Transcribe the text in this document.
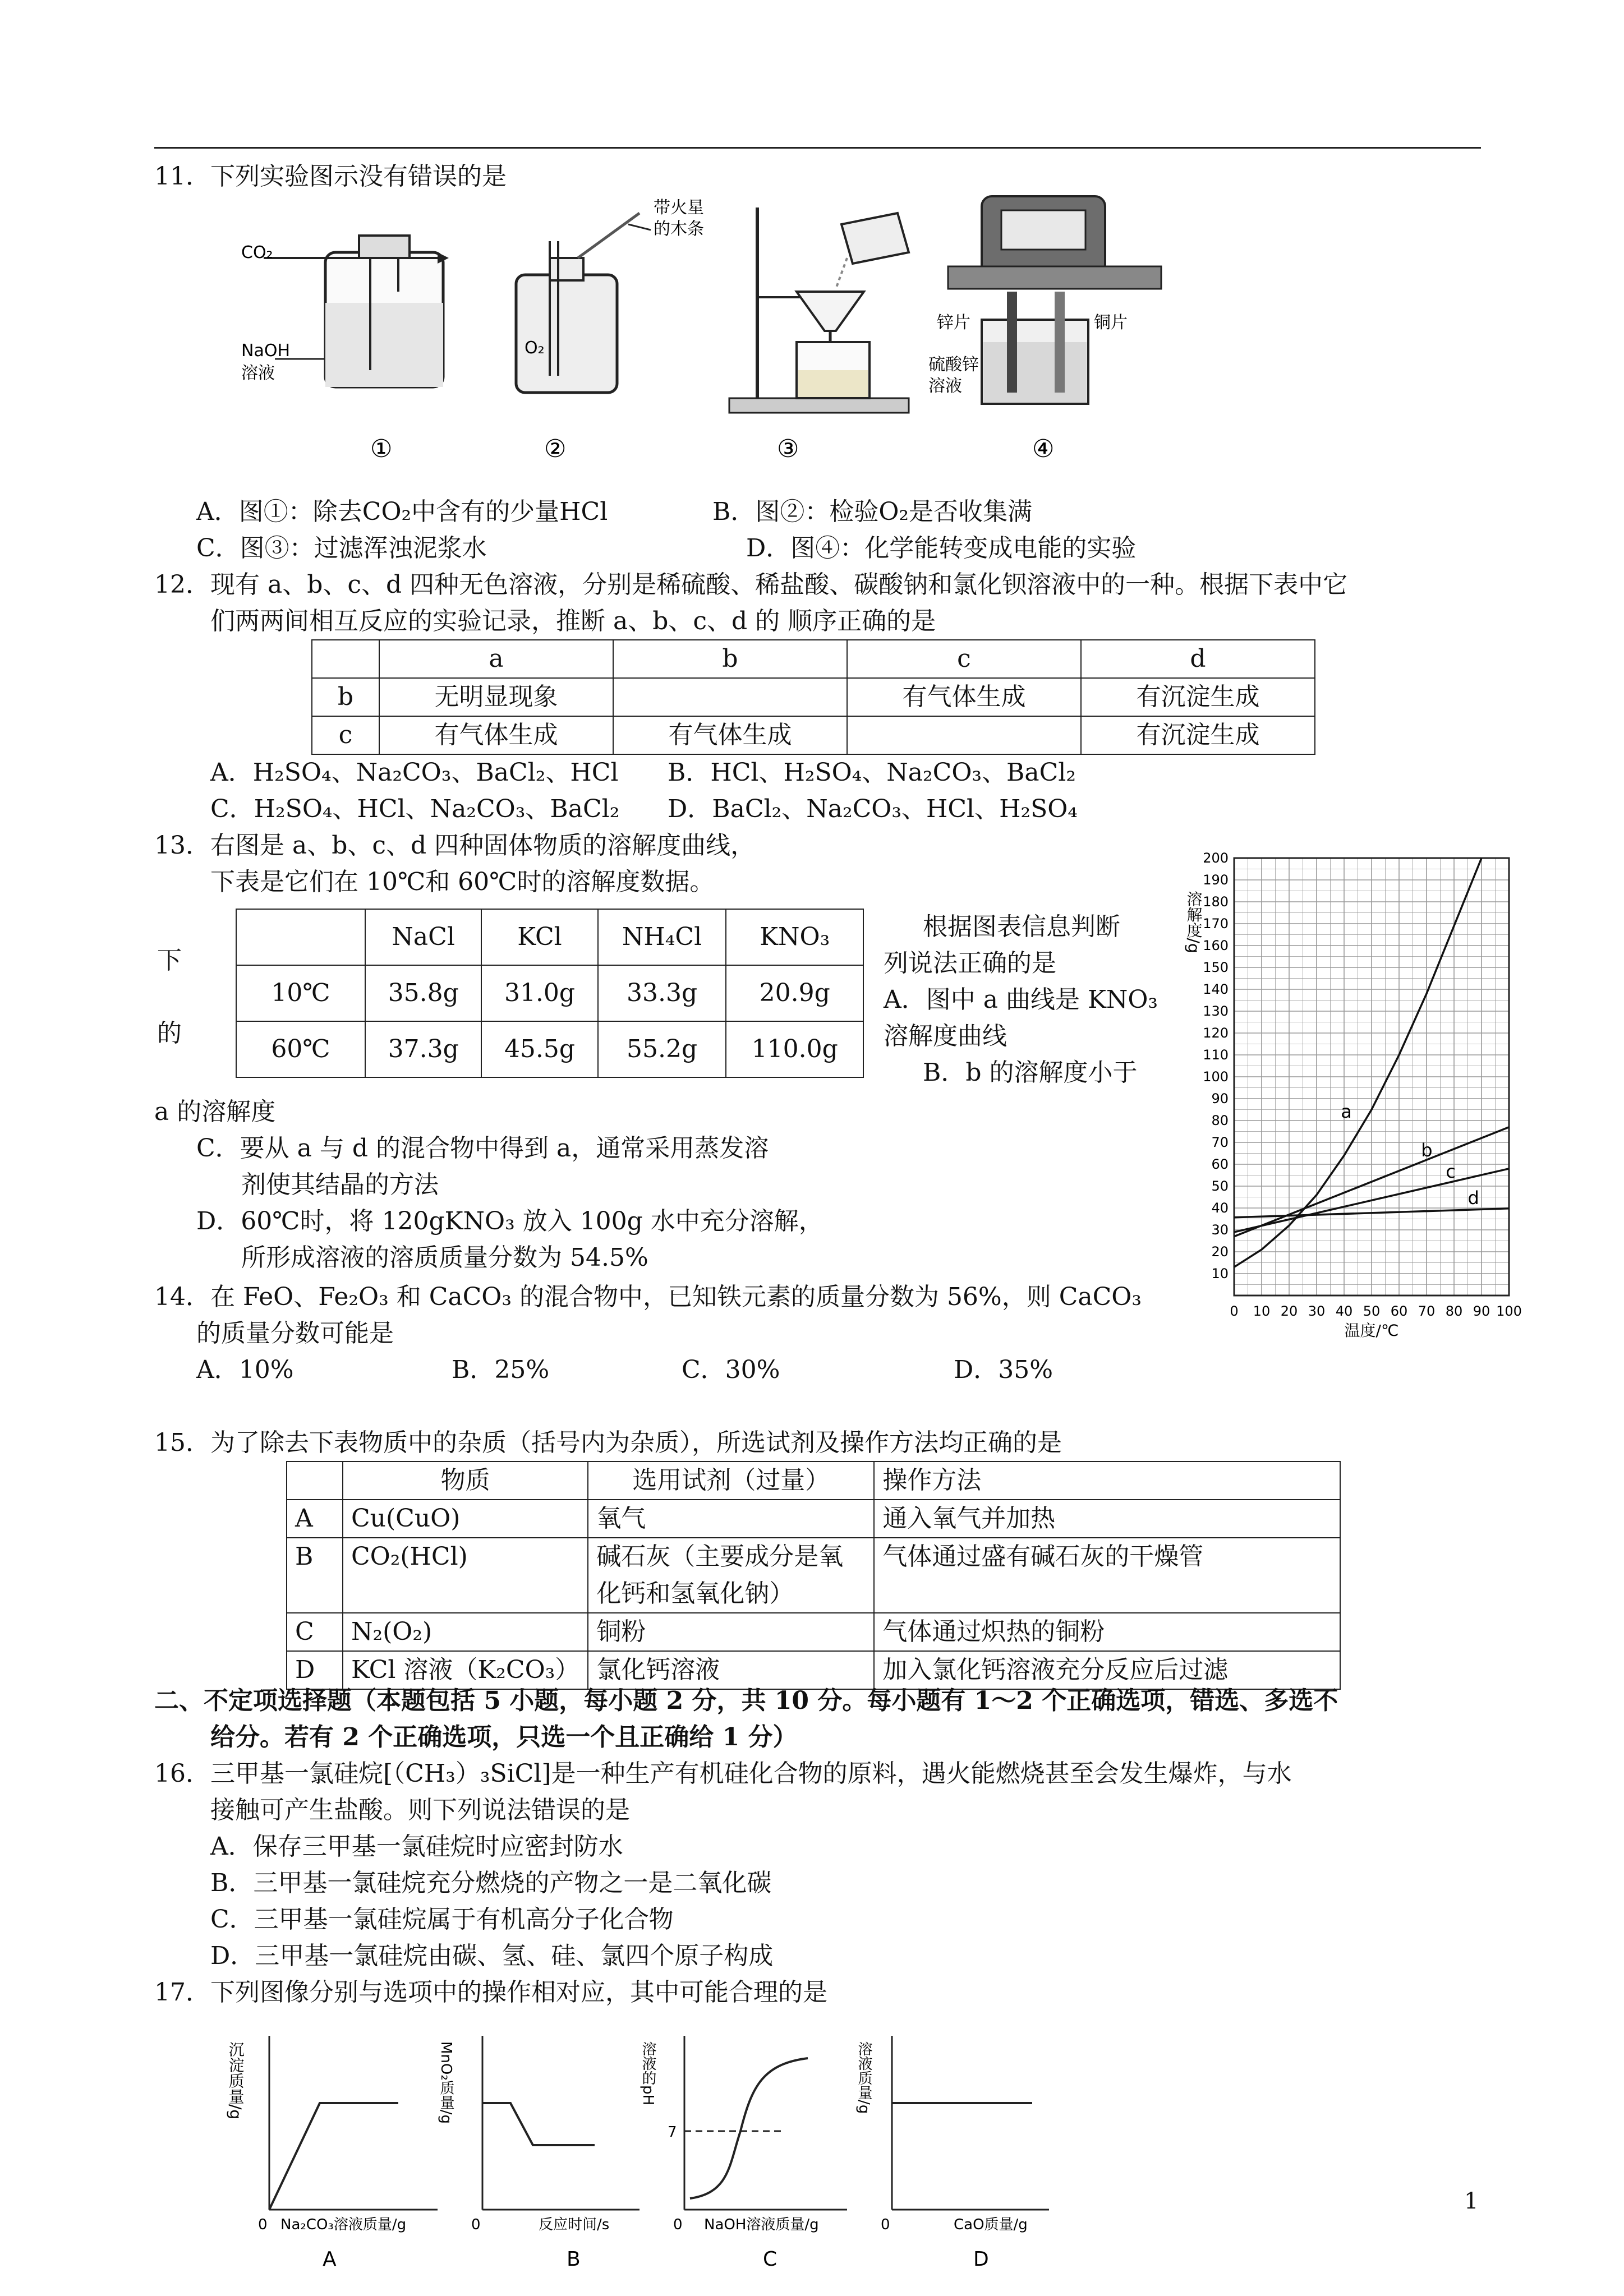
11．下列实验图示没有错误的是
CO₂
NaOH
溶液
①
带火星
的木条
O₂
②	③
锌片	铜片
硫酸锌
溶液
④
A．图①：除去CO₂中含有的少量HCl	B．图②：检验O₂是否收集满
C．图③：过滤浑浊泥浆水	D．图④：化学能转变成电能的实验
12．现有 a、b、c、d 四种无色溶液，分别是稀硫酸、稀盐酸、碳酸钠和氯化钡溶液中的一种。根据下表中它
们两两间相互反应的实验记录，推断 a、b、c、d 的 顺序正确的是
	a	b	c	d
b	无明显现象		有气体生成	有沉淀生成
c	有气体生成	有气体生成		有沉淀生成
A．H₂SO₄、Na₂CO₃、BaCl₂、HCl B．HCl、H₂SO₄、Na₂CO₃、BaCl₂
C．H₂SO₄、HCl、Na₂CO₃、BaCl₂ D．BaCl₂、Na₂CO₃、HCl、H₂SO₄
13．右图是 a、b、c、d 四种固体物质的溶解度曲线，
下表是它们在 10℃和 60℃时的溶解度数据。
下
的
	NaCl	KCl	NH₄Cl	KNO₃
10℃	35.8g	31.0g	33.3g	20.9g
60℃	37.3g	45.5g	55.2g	110.0g
根据图表信息判断
列说法正确的是
A．图中 a 曲线是 KNO₃
溶解度曲线
B．b 的溶解度小于
a 的溶解度
C．要从 a 与 d 的混合物中得到 a，通常采用蒸发溶
剂使其结晶的方法
D．60℃时，将 120gKNO₃ 放入 100g 水中充分溶解，
所形成溶液的溶质质量分数为 54.5%
0 10 20 30 40 50 60 70 80 90 100
10
20
30
40
50
60
70
80
90
100
110
120
130
140
150
160
170
180
190
200
a
b
c
d
溶解度/g
温度/℃
14．在 FeO、Fe₂O₃ 和 CaCO₃ 的混合物中，已知铁元素的质量分数为 56%，则 CaCO₃
的质量分数可能是
A．10%	B．25%	C．30%	D．35%
15．为了除去下表物质中的杂质（括号内为杂质），所选试剂及操作方法均正确的是
	物质	选用试剂（过量）	操作方法
A	Cu(CuO)	氧气	通入氧气并加热
B	CO₂(HCl)	碱石灰（主要成分是氧化钙和氢氧化钠）	气体通过盛有碱石灰的干燥管
C	N₂(O₂)	铜粉	气体通过炽热的铜粉
D	KCl 溶液（K₂CO₃）	氯化钙溶液	加入氯化钙溶液充分反应后过滤
二、不定项选择题（本题包括 5 小题，每小题 2 分，共 10 分。每小题有 1～2 个正确选项，错选、多选不
给分。若有 2 个正确选项，只选一个且正确给 1 分）
16．三甲基一氯硅烷[（CH₃）₃SiCl]是一种生产有机硅化合物的原料，遇火能燃烧甚至会发生爆炸，与水
接触可产生盐酸。则下列说法错误的是
A．保存三甲基一氯硅烷时应密封防水
B．三甲基一氯硅烷充分燃烧的产物之一是二氧化碳
C．三甲基一氯硅烷属于有机高分子化合物
D．三甲基一氯硅烷由碳、氢、硅、氯四个原子构成
17．下列图像分别与选项中的操作相对应，其中可能合理的是
沉淀质量/g
0 Na₂CO₃溶液质量/g
A
MnO₂质量/g
0	反应时间/s
B
溶液的pH
7
0 NaOH溶液质量/g
C
溶液质量/g
0	CaO质量/g
D
1
